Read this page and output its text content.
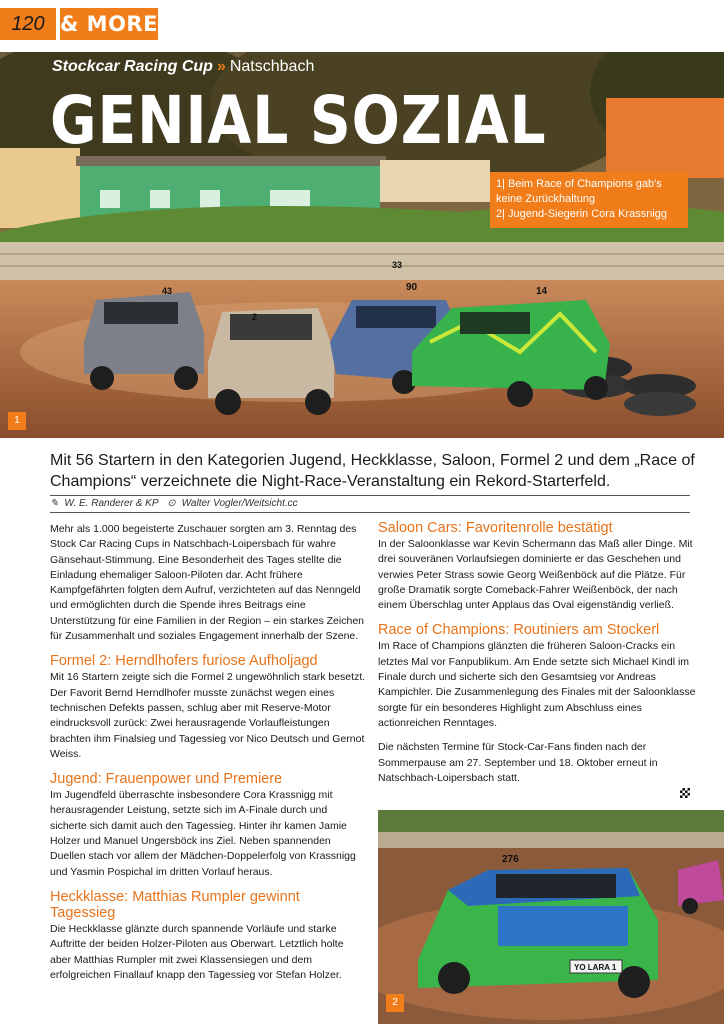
120 & MORE
43
2
90	14
33
Stockcar Racing Cup » Natschbach
GENIAL SOZIAL
1| Beim Race of Champions gab's keine Zurückhaltung
2| Jugend-Siegerin Cora Krassnigg
1
Mit 56 Startern in den Kategorien Jugend, Heckklasse, Saloon, Formel 2 und dem „Race of Champions“ verzeichnete die Night-Race-Veranstaltung ein Rekord-Starterfeld.
✎ W. E. Randerer & KP ⊙ Walter Vogler/Weitsicht.cc

Mehr als 1.000 begeisterte Zuschauer sorgten am 3. Renntag des Stock Car Racing Cups in Natschbach-Loipersbach für wahre Gänsehaut-Stimmung. Eine Besonderheit des Tages stellte die Einladung ehemaliger Saloon-Piloten dar. Acht frühere Kampfgefährten folgten dem Aufruf, verzichteten auf das Nenngeld und ermöglichten durch die Spende ihres Beitrags eine Unterstützung für eine Familien in der Region – ein starkes Zeichen für Zusammenhalt und soziales Engagement innerhalb der Szene.

Formel 2: Herndlhofers furiose Aufholjagd

Mit 16 Startern zeigte sich die Formel 2 ungewöhnlich stark besetzt. Der Favorit Bernd Herndlhofer musste zunächst wegen eines technischen Defekts passen, schlug aber mit Reserve-Motor eindrucksvoll zurück: Zwei herausragende Vorlaufleistungen brachten ihm Finalsieg und Tagessieg vor Nico Deutsch und Gernot Weiss.

Jugend: Frauenpower und Premiere

Im Jugendfeld überraschte insbesondere Cora Krassnigg mit herausragender Leistung, setzte sich im A-Finale durch und sicherte sich damit auch den Tagessieg. Hinter ihr kamen Jamie Holzer und Manuel Ungersböck ins Ziel. Neben spannenden Duellen stach vor allem der Mädchen-Doppelerfolg von Krassnigg und Yasmin Pospichal im dritten Vorlauf heraus.

Heckklasse: Matthias Rumpler gewinnt Tagessieg

Die Heckklasse glänzte durch spannende Vorläufe und starke Auftritte der beiden Holzer-Piloten aus Oberwart. Letztlich holte aber Matthias Rumpler mit zwei Klassensiegen und dem erfolgreichen Finallauf knapp den Tagessieg vor Stefan Holzer.

Saloon Cars: Favoritenrolle bestätigt

In der Saloonklasse war Kevin Schermann das Maß aller Dinge. Mit drei souveränen Vorlaufsiegen dominierte er das Geschehen und verwies Peter Strass sowie Georg Weißenböck auf die Plätze. Für große Dramatik sorgte Comeback-Fahrer Weißenböck, der nach einem Überschlag unter Applaus das Oval eigenständig verließ.

Race of Champions: Routiniers am Stockerl

Im Race of Champions glänzten die früheren Saloon-Cracks ein letztes Mal vor Fanpublikum. Am Ende setzte sich Michael Kindl im Finale durch und sicherte sich den Gesamtsieg vor Andreas Kampichler. Die Zusammenlegung des Finales mit der Saloonklasse sorgte für ein besonderes Highlight zum Abschluss eines actionreichen Renntages.

Die nächsten Termine für Stock-Car-Fans finden nach der Sommerpause am 27. September und 18. Oktober erneut in Natschbach-Loipersbach statt.

YO LARA 1
276
2
